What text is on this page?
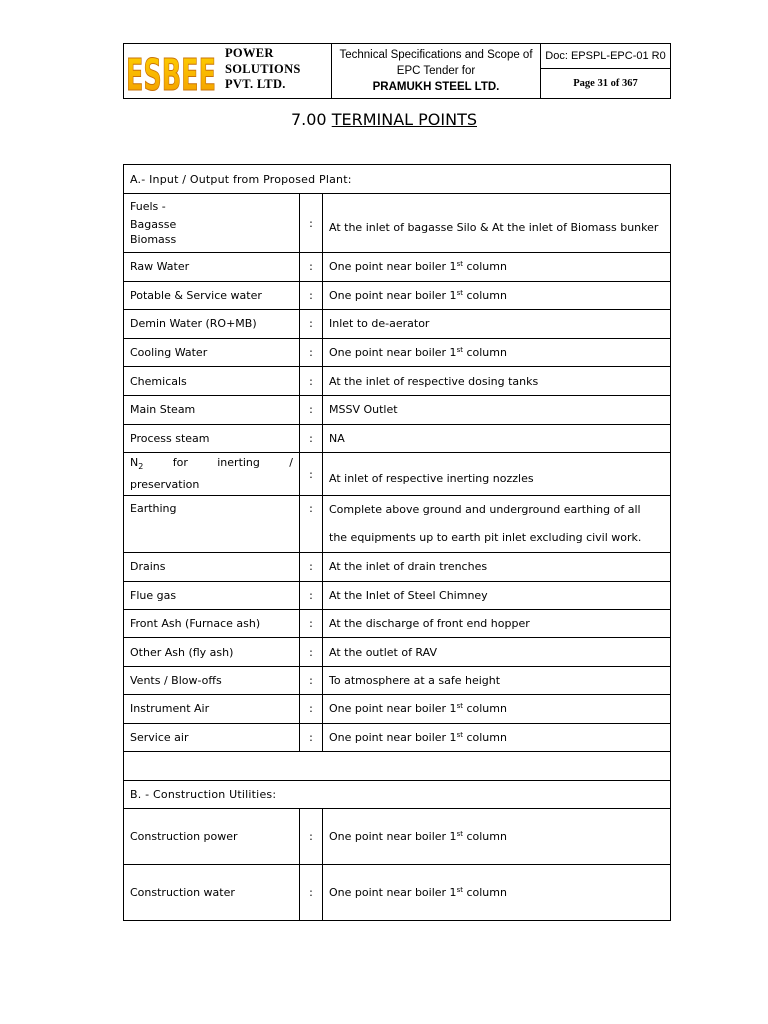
ESBEE POWER
SOLUTIONS
PVT. LTD.
Technical Specifications and Scope of
EPC Tender for
PRAMUKH STEEL LTD.
Doc: EPSPL-EPC-01 R0
Page 31 of 367
7.00 TERMINAL POINTS
A.- Input / Output from Proposed Plant:		

Fuels -
Bagasse
Biomass	:	At the inlet of bagasse Silo & At the inlet of Biomass bunker
Raw Water	:	One point near boiler 1st column
Potable & Service water	:	One point near boiler 1st column
Demin Water (RO+MB)	:	Inlet to de-aerator
Cooling Water	:	One point near boiler 1st column
Chemicals	:	At the inlet of respective dosing tanks
Main Steam	:	MSSV Outlet
Process steam	:	NA

$N_2$ for inerting /
preservation	:	At inlet of respective inerting nozzles
Earthing	:	Complete above ground and underground earthing of all
the equipments up to earth pit inlet excluding civil work.

Drains	:	At the inlet of drain trenches
Flue gas	:	At the Inlet of Steel Chimney
Front Ash (Furnace ash)	:	At the discharge of front end hopper
Other Ash (fly ash)	:	At the outlet of RAV
Vents / Blow-offs	:	To atmosphere at a safe height
Instrument Air	:	One point near boiler 1st column
Service air	:	One point near boiler 1st column

B. - Construction Utilities:		
Construction power	:	One point near boiler 1st column
Construction water	:	One point near boiler 1st column
